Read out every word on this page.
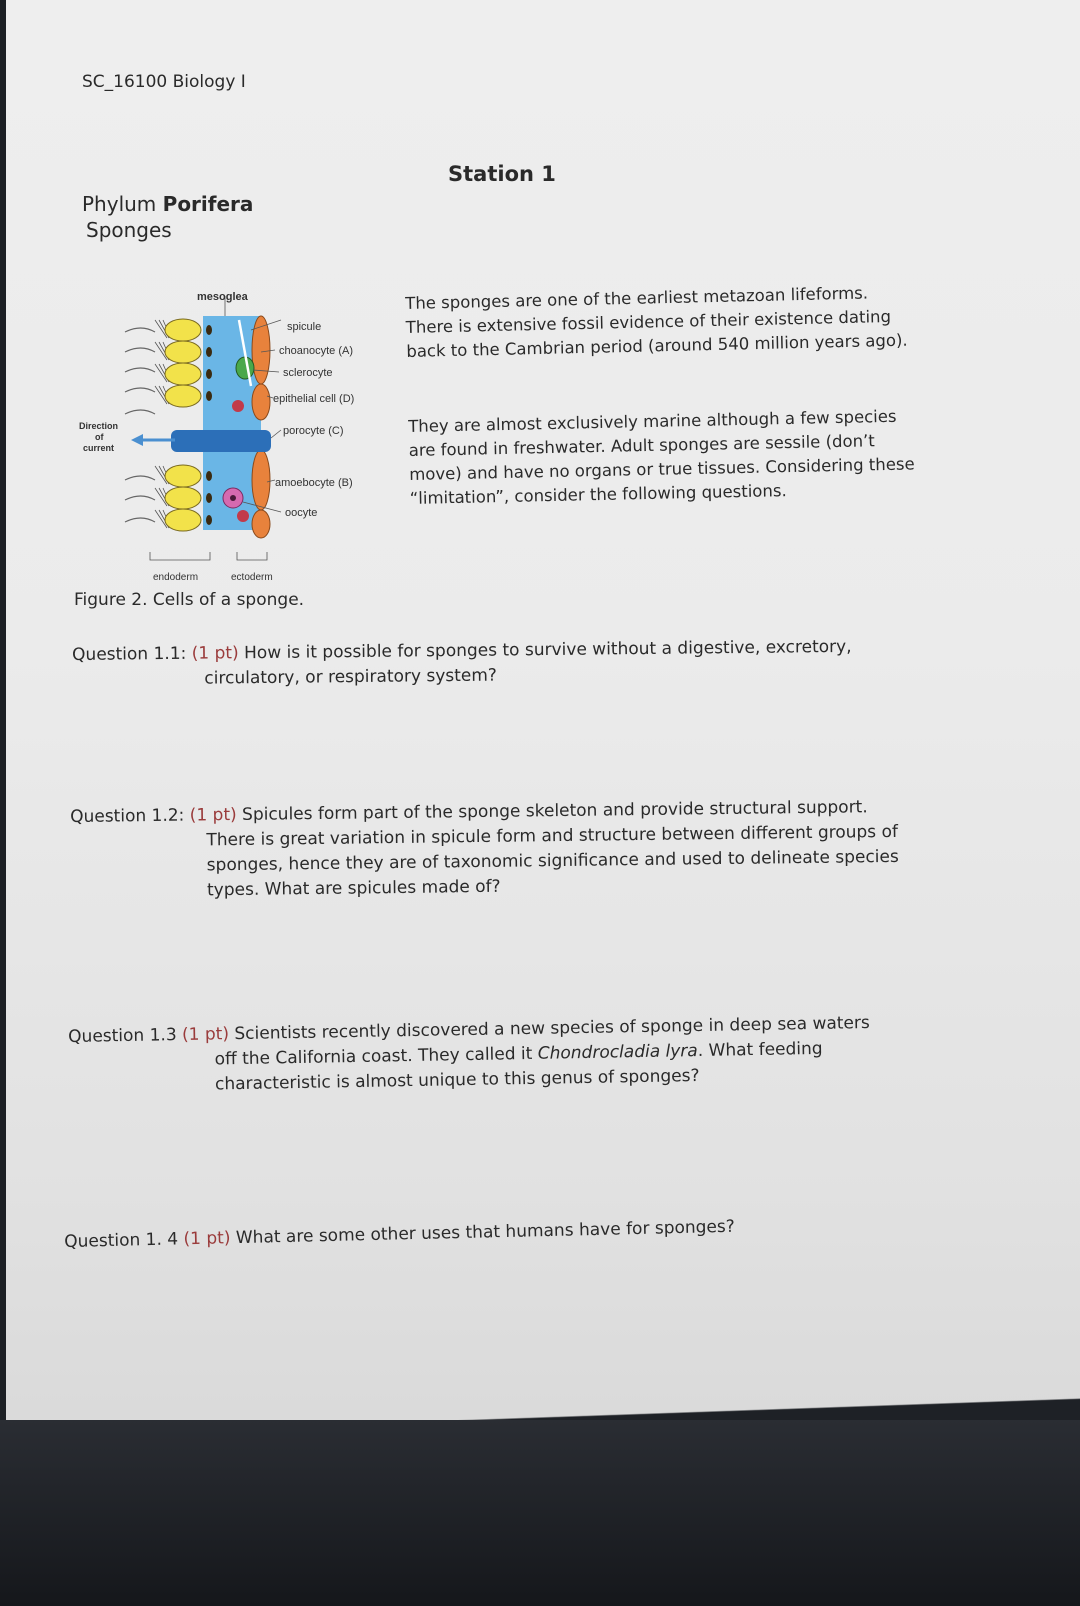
SC_16100 Biology I
Station 1
Phylum Porifera
Sponges
mesoglea
spicule
choanocyte (A)
sclerocyte
epithelial cell (D)
porocyte (C)
amoebocyte (B)
oocyte
Direction
of
current
endoderm	ectoderm
Figure 2. Cells of a sponge.
The sponges are one of the earliest metazoan lifeforms. There is extensive fossil evidence of their existence dating back to the Cambrian period (around 540 million years ago).
They are almost exclusively marine although a few species are found in freshwater. Adult sponges are sessile (don’t move) and have no organs or true tissues. Considering these “limitation”, consider the following questions.
Question 1.1: (1 pt) How is it possible for sponges to survive without a digestive, excretory,
circulatory, or respiratory system?
Question 1.2: (1 pt) Spicules form part of the sponge skeleton and provide structural support.
There is great variation in spicule form and structure between different groups of sponges, hence they are of taxonomic significance and used to delineate species types. What are spicules made of?
Question 1.3 (1 pt) Scientists recently discovered a new species of sponge in deep sea waters
off the California coast. They called it Chondrocladia lyra. What feeding characteristic is almost unique to this genus of sponges?
Question 1. 4 (1 pt) What are some other uses that humans have for sponges?
